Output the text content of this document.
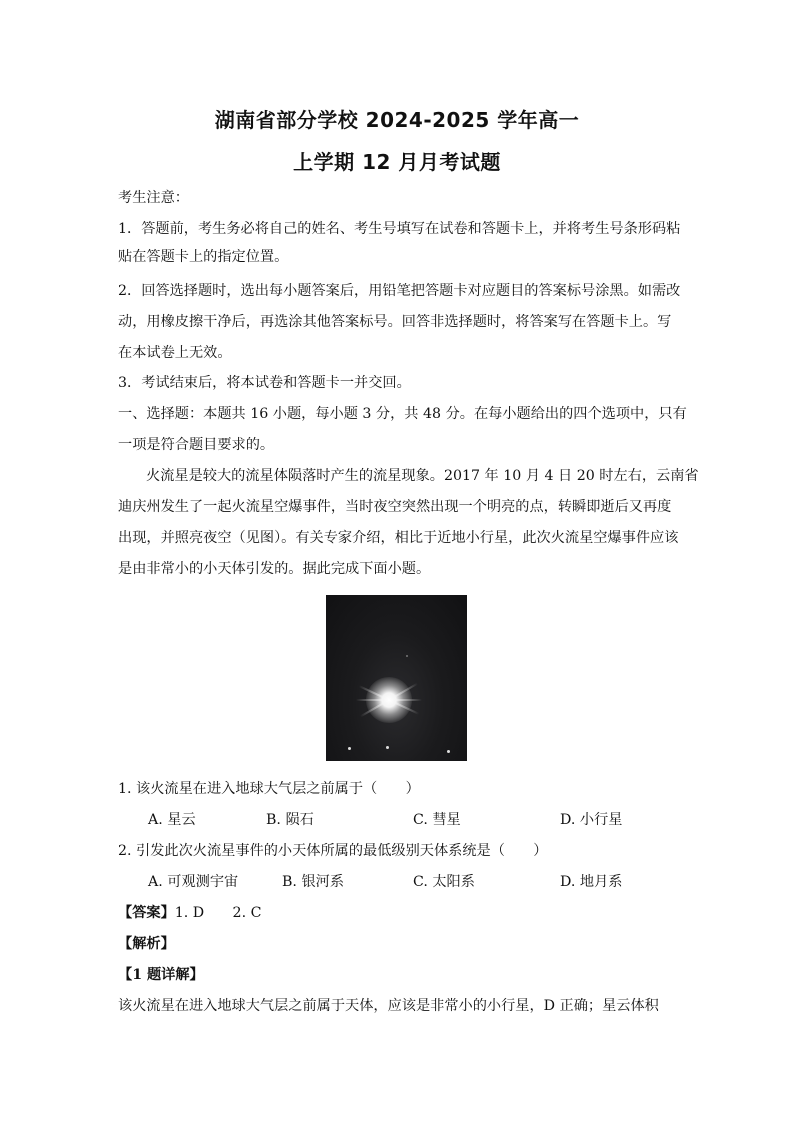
湖南省部分学校 2024-2025 学年高一
上学期 12 月月考试题
考生注意：
1．答题前，考生务必将自己的姓名、考生号填写在试卷和答题卡上，并将考生号条形码粘
贴在答题卡上的指定位置。
2．回答选择题时，选出每小题答案后，用铅笔把答题卡对应题目的答案标号涂黑。如需改
动，用橡皮擦干净后，再选涂其他答案标号。回答非选择题时，将答案写在答题卡上。写
在本试卷上无效。
3．考试结束后，将本试卷和答题卡一并交回。
一、选择题：本题共 16 小题，每小题 3 分，共 48 分。在每小题给出的四个选项中，只有
一项是符合题目要求的。
火流星是较大的流星体陨落时产生的流星现象。2017 年 10 月 4 日 20 时左右，云南省
迪庆州发生了一起火流星空爆事件，当时夜空突然出现一个明亮的点，转瞬即逝后又再度
出现，并照亮夜空（见图）。有关专家介绍，相比于近地小行星，此次火流星空爆事件应该
是由非常小的小天体引发的。据此完成下面小题。
1. 该火流星在进入地球大气层之前属于（　　）
A. 星云	B. 陨石	C. 彗星	D. 小行星
2. 引发此次火流星事件的小天体所属的最低级别天体系统是（　　）
A. 可观测宇宙	B. 银河系	C. 太阳系	D. 地月系
【答案】1. D　　2. C
【解析】
【1 题详解】
该火流星在进入地球大气层之前属于天体，应该是非常小的小行星，D 正确；星云体积
